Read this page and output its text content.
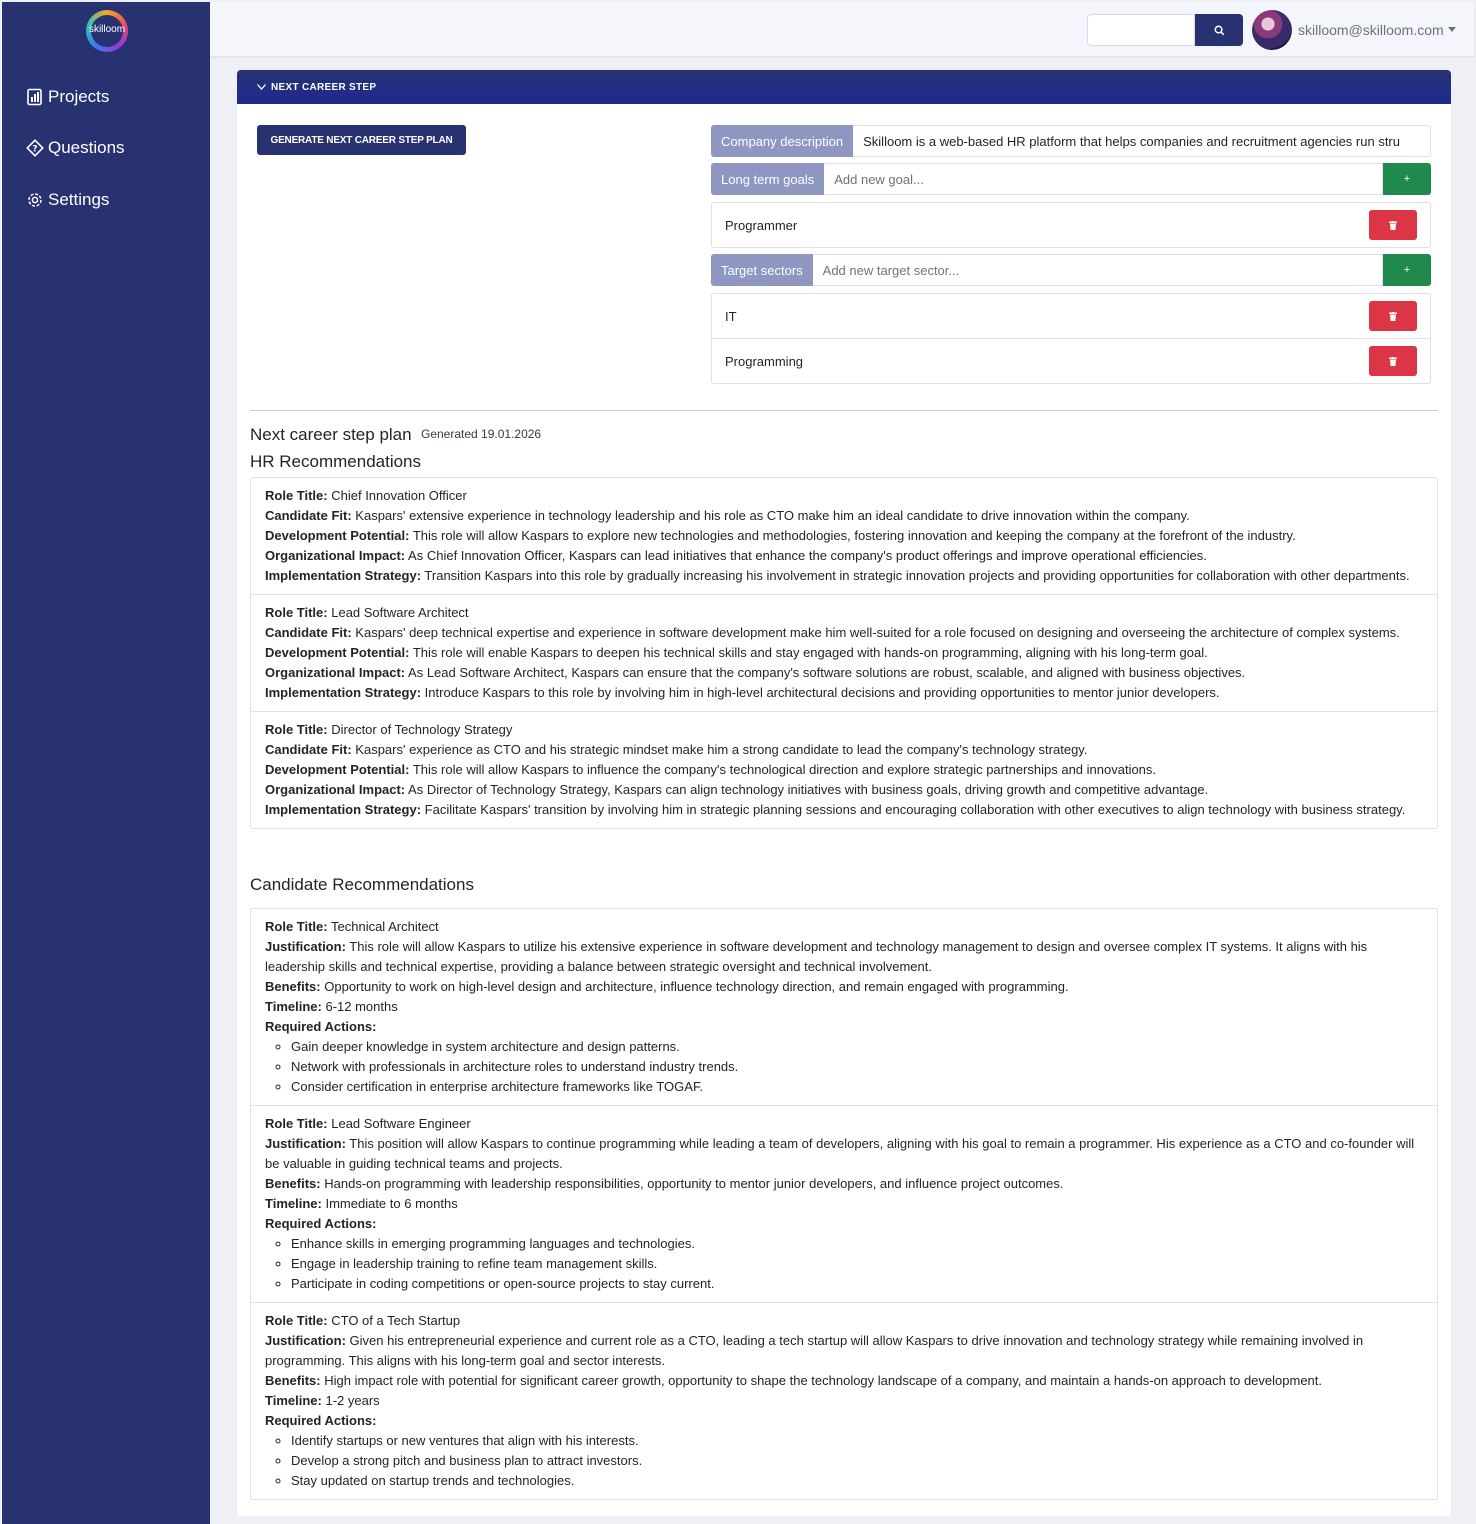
skilloom
Projects
? Questions
Settings
skilloom@skilloom.com
NEXT CAREER STEP
GENERATE NEXT CAREER STEP PLAN	Company description	Skilloom is a web-based HR platform that helps companies and recruitment agencies run stru
Long term goals	Add new goal...	+
Programmer
Target sectors	Add new target sector...	+
IT
Programming
Next career step plan Generated 19.01.2026
HR Recommendations
Role Title: Chief Innovation Officer
Candidate Fit: Kaspars' extensive experience in technology leadership and his role as CTO make him an ideal candidate to drive innovation within the company.
Development Potential: This role will allow Kaspars to explore new technologies and methodologies, fostering innovation and keeping the company at the forefront of the industry.
Organizational Impact: As Chief Innovation Officer, Kaspars can lead initiatives that enhance the company's product offerings and improve operational efficiencies.
Implementation Strategy: Transition Kaspars into this role by gradually increasing his involvement in strategic innovation projects and providing opportunities for collaboration with other departments.
Role Title: Lead Software Architect
Candidate Fit: Kaspars' deep technical expertise and experience in software development make him well-suited for a role focused on designing and overseeing the architecture of complex systems.
Development Potential: This role will enable Kaspars to deepen his technical skills and stay engaged with hands-on programming, aligning with his long-term goal.
Organizational Impact: As Lead Software Architect, Kaspars can ensure that the company's software solutions are robust, scalable, and aligned with business objectives.
Implementation Strategy: Introduce Kaspars to this role by involving him in high-level architectural decisions and providing opportunities to mentor junior developers.
Role Title: Director of Technology Strategy
Candidate Fit: Kaspars' experience as CTO and his strategic mindset make him a strong candidate to lead the company's technology strategy.
Development Potential: This role will allow Kaspars to influence the company's technological direction and explore strategic partnerships and innovations.
Organizational Impact: As Director of Technology Strategy, Kaspars can align technology initiatives with business goals, driving growth and competitive advantage.
Implementation Strategy: Facilitate Kaspars' transition by involving him in strategic planning sessions and encouraging collaboration with other executives to align technology with business strategy.
Candidate Recommendations
Role Title: Technical Architect
Justification: This role will allow Kaspars to utilize his extensive experience in software development and technology management to design and oversee complex IT systems. It aligns with his leadership skills and technical expertise, providing a balance between strategic oversight and technical involvement.
Benefits: Opportunity to work on high-level design and architecture, influence technology direction, and remain engaged with programming.
Timeline: 6-12 months
Required Actions:
◦ Gain deeper knowledge in system architecture and design patterns.
◦ Network with professionals in architecture roles to understand industry trends.
◦ Consider certification in enterprise architecture frameworks like TOGAF.
Role Title: Lead Software Engineer
Justification: This position will allow Kaspars to continue programming while leading a team of developers, aligning with his goal to remain a programmer. His experience as a CTO and co-founder will be valuable in guiding technical teams and projects.
Benefits: Hands-on programming with leadership responsibilities, opportunity to mentor junior developers, and influence project outcomes.
Timeline: Immediate to 6 months
Required Actions:
◦ Enhance skills in emerging programming languages and technologies.
◦ Engage in leadership training to refine team management skills.
◦ Participate in coding competitions or open-source projects to stay current.
Role Title: CTO of a Tech Startup
Justification: Given his entrepreneurial experience and current role as a CTO, leading a tech startup will allow Kaspars to drive innovation and technology strategy while remaining involved in programming. This aligns with his long-term goal and sector interests.
Benefits: High impact role with potential for significant career growth, opportunity to shape the technology landscape of a company, and maintain a hands-on approach to development.
Timeline: 1-2 years
Required Actions:
◦ Identify startups or new ventures that align with his interests.
◦ Develop a strong pitch and business plan to attract investors.
◦ Stay updated on startup trends and technologies.
